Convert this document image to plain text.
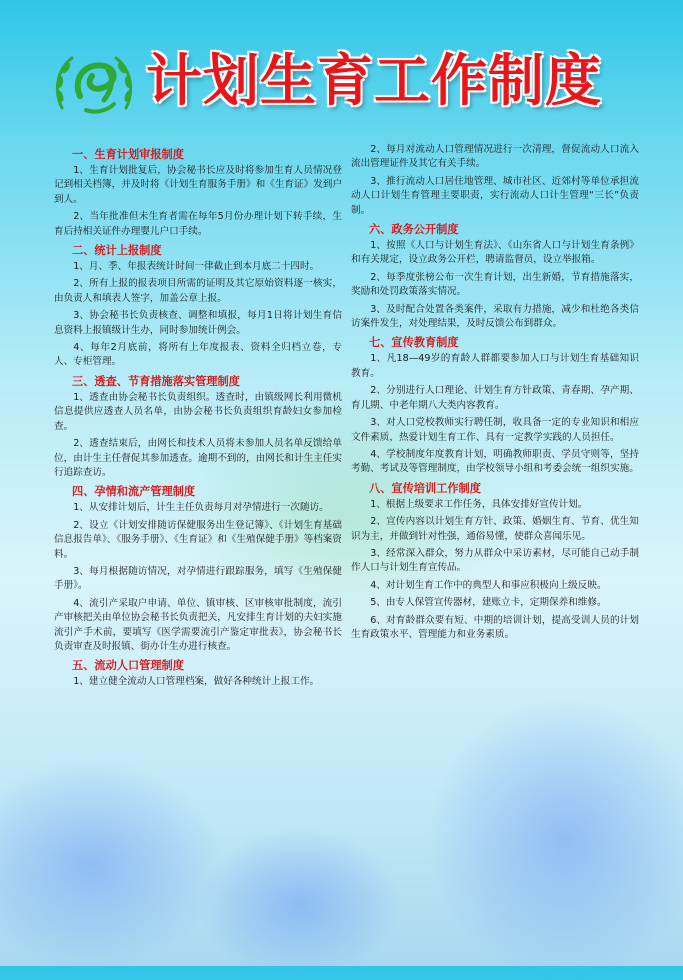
计划生育工作制度
一、生育计划审报制度

1、生育计划批复后，协会秘书长应及时将参加生育人员情况登记到相关档簿，并及时将《计划生育服务手册》和《生育证》发到户到人。

2、当年批准但未生育者需在每年5月份办理计划下转手续，生育后持相关证件办理婴儿户口手续。

二、统计上报制度

1、月、季、年报表统计时间一律截止到本月底二十四时。

2、所有上报的报表项目所需的证明及其它原始资料逐一核实，由负责人和填表人签字，加盖公章上报。

3、协会秘书长负责核查、调整和填报，每月1日将计划生育信息资料上报镇级计生办，同时参加统计例会。

4、每年2月底前，将所有上年度报表、资料全归档立卷，专人、专柜管理。

三、透查、节育措施落实管理制度

1、透查由协会秘书长负责组织。透查时，由镇级网长利用微机信息提供应透查人员名单，由协会秘书长负责组织育龄妇女参加检查。

2、透查结束后，由网长和技术人员将未参加人员名单反馈给单位，由计生主任督促其参加透查。逾期不到的，由网长和计生主任实行追踪查访。

四、孕情和流产管理制度

1、从安排计划后，计生主任负责每月对孕情进行一次随访。

2、设立《计划安排随访保健服务出生登记簿》、《计划生育基础信息报告单》、《服务手册》、《生育证》和《生殖保健手册》等档案资料。

3、每月根据随访情况，对孕情进行跟踪服务，填写《生殖保健手册》。

4、流引产采取户申请、单位、镇审核、区审核审批制度，流引产审核把关由单位协会秘书长负责把关，凡安排生育计划的夫妇实施流引产手术前，要填写《医学需要流引产鉴定审批表》，协会秘书长负责审查及时报镇、街办计生办进行核查。

五、流动人口管理制度

1、建立健全流动人口管理档案，做好各种统计上报工作。

2、每月对流动人口管理情况进行一次清理，督促流动人口流入流出管理证件及其它有关手续。

3、推行流动人口居住地管理、城市社区、近郊村等单位承担流动人口计划生育管理主要职责，实行流动人口计生管理“三长”负责制。

六、政务公开制度

1、按照《人口与计划生育法》、《山东省人口与计划生育条例》和有关规定，设立政务公开栏，聘请监督员，设立举报箱。

2、每季度张榜公布一次生育计划，出生新婚，节育措施落实，奖励和处罚政策落实情况。

3、及时配合处置各类案件，采取有力措施，减少和杜绝各类信访案件发生，对处理结果，及时反馈公布到群众。

七、宣传教育制度

1、凡18—49岁的育龄人群都要参加人口与计划生育基础知识教育。

2、分别进行人口理论、计划生育方针政策、青春期、孕产期、育儿期、中老年期八大类内容教育。

3、对人口党校教师实行聘任制，收具备一定的专业知识和相应文件素质，热爱计划生育工作、具有一定教学实践的人员担任。

4、学校制度年度教育计划，明确教师职责、学员守则等，坚持考勤、考试及等管理制度，由学校领导小组和考委会统一组织实施。

八、宣传培训工作制度

1、根据上级要求工作任务，具体安排好宣传计划。

2、宣传内容以计划生育方针、政策、婚姻生育、节育、优生知识为主，并做到针对性强，通俗易懂，使群众喜闻乐见。

3、经常深入群众，努力从群众中采访素材，尽可能自己动手制作人口与计划生育宣传品。

4、对计划生育工作中的典型人和事应积极向上级反映。

5、由专人保管宣传器材，建账立卡，定期保养和维修。

6、对育龄群众要有短、中期的培训计划，提高受训人员的计划生育政策水平、管理能力和业务素质。
